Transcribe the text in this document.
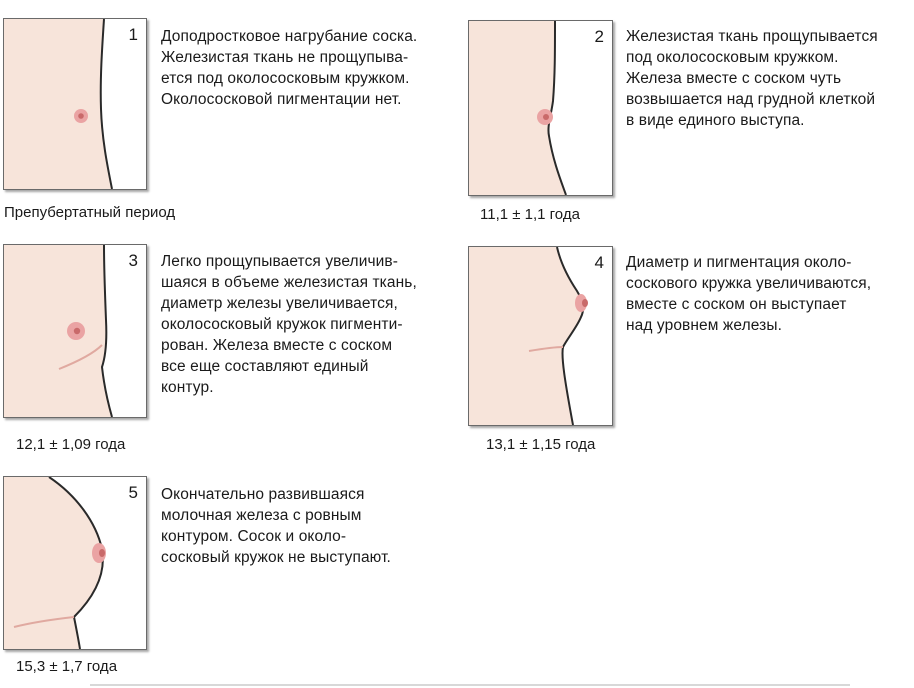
1 Доподростковое нагрубание соска.
Железистая ткань не прощупыва-
ется под околососковым кружком.
Околососковой пигментации нет.
Препубертатный период
2 Железистая ткань прощупывается
под околососковым кружком.
Железа вместе с соском чуть
возвышается над грудной клеткой
в виде единого выступа.
11,1 ± 1,1 года
3 Легко прощупывается увеличив-
шаяся в объеме железистая ткань,
диаметр железы увеличивается,
околососковый кружок пигменти-
рован. Железа вместе с соском
все еще составляют единый
контур.
12,1 ± 1,09 года
4 Диаметр и пигментация около-
соскового кружка увеличиваются,
вместе с соском он выступает
над уровнем железы.
13,1 ± 1,15 года
5 Окончательно развившаяся
молочная железа с ровным
контуром. Сосок и около-
сосковый кружок не выступают.
15,3 ± 1,7 года
